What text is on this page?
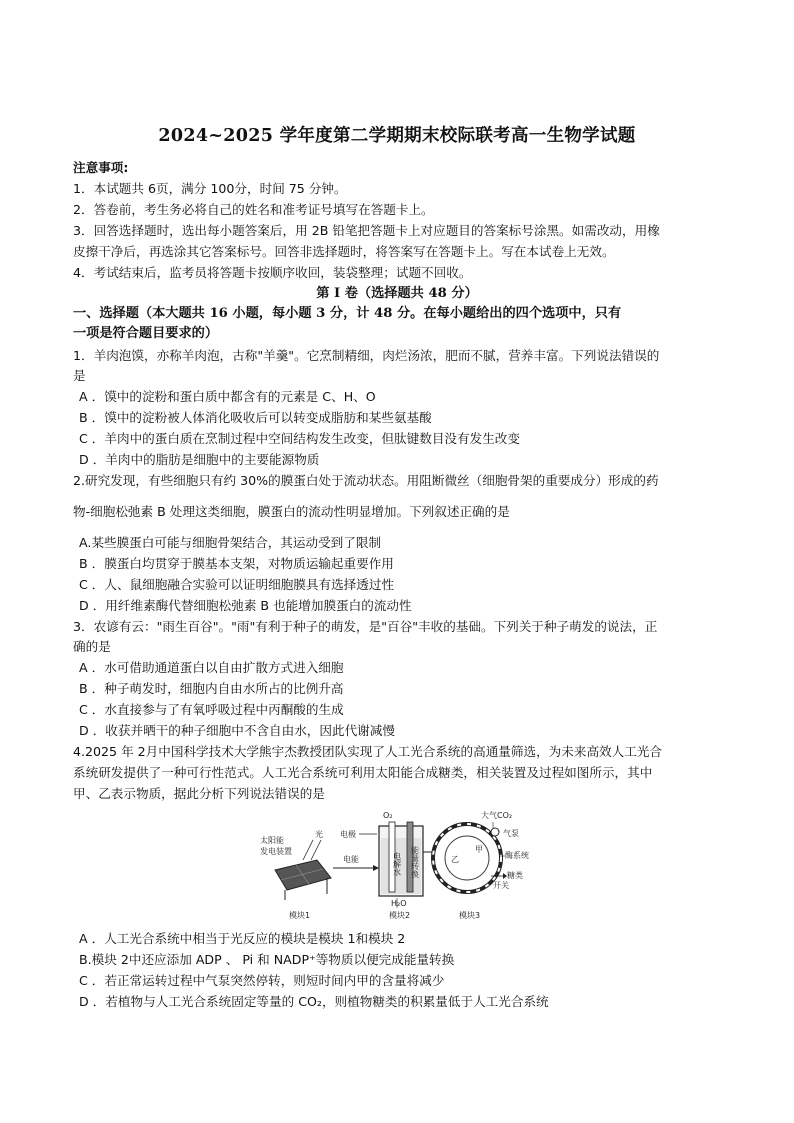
2024~2025 学年度第二学期期末校际联考高一生物学试题
注意事项:
1．本试题共 6页，满分 100分，时间 75 分钟。
2．答卷前，考生务必将自己的姓名和准考证号填写在答题卡上。
3．回答选择题时，选出每小题答案后，用 2B 铅笔把答题卡上对应题目的答案标号涂黑。如需改动，用橡
皮擦干净后，再选涂其它答案标号。回答非选择题时，将答案写在答题卡上。写在本试卷上无效。
4．考试结束后，监考员将答题卡按顺序收回，装袋整理；试题不回收。
第 I 卷（选择题共 48 分）
一、选择题（本大题共 16 小题，每小题 3 分，计 48 分。在每小题给出的四个选项中，只有
一项是符合题目要求的）
1．羊肉泡馍，亦称羊肉泡，古称"羊羹"。它烹制精细，肉烂汤浓，肥而不腻，营养丰富。下列说法错误的
是
A ．馍中的淀粉和蛋白质中都含有的元素是 C、H、O
B ．馍中的淀粉被人体消化吸收后可以转变成脂肪和某些氨基酸
C ．羊肉中的蛋白质在烹制过程中空间结构发生改变，但肽键数目没有发生改变
D ．羊肉中的脂肪是细胞中的主要能源物质
2.研究发现，有些细胞只有约 30%的膜蛋白处于流动状态。用阻断微丝（细胞骨架的重要成分）形成的药
物-细胞松弛素 B 处理这类细胞，膜蛋白的流动性明显增加。下列叙述正确的是
A.某些膜蛋白可能与细胞骨架结合，其运动受到了限制
B ．膜蛋白均贯穿于膜基本支架，对物质运输起重要作用
C ．人、鼠细胞融合实验可以证明细胞膜具有选择透过性
D ．用纤维素酶代替细胞松弛素 B 也能增加膜蛋白的流动性
3．农谚有云："雨生百谷"。"雨"有利于种子的萌发，是"百谷"丰收的基础。下列关于种子萌发的说法，正
确的是
A ．水可借助通道蛋白以自由扩散方式进入细胞
B ．种子萌发时，细胞内自由水所占的比例升高
C ．水直接参与了有氧呼吸过程中丙酮酸的生成
D ．收获并晒干的种子细胞中不含自由水，因此代谢减慢
4.2025 年 2月中国科学技术大学熊宇杰教授团队实现了人工光合系统的高通量筛选，为未来高效人工光合
系统研发提供了一种可行性范式。人工光合系统可利用太阳能合成糖类，相关装置及过程如图所示，其中
甲、乙表示物质，据此分析下列说法错误的是
太阳能
发电装置
光 电极
电能
O₂
电解水 能量转换
H₂O
乙
甲
大气CO₂
气泵
酶系统
糖类
开关
模块1	模块2	模块3
A ．人工光合系统中相当于光反应的模块是模块 1和模块 2
B.模块 2中还应添加 ADP 、 Pi 和 NADP⁺等物质以便完成能量转换
C ．若正常运转过程中气泵突然停转，则短时间内甲的含量将减少
D ．若植物与人工光合系统固定等量的 CO₂，则植物糖类的积累量低于人工光合系统
